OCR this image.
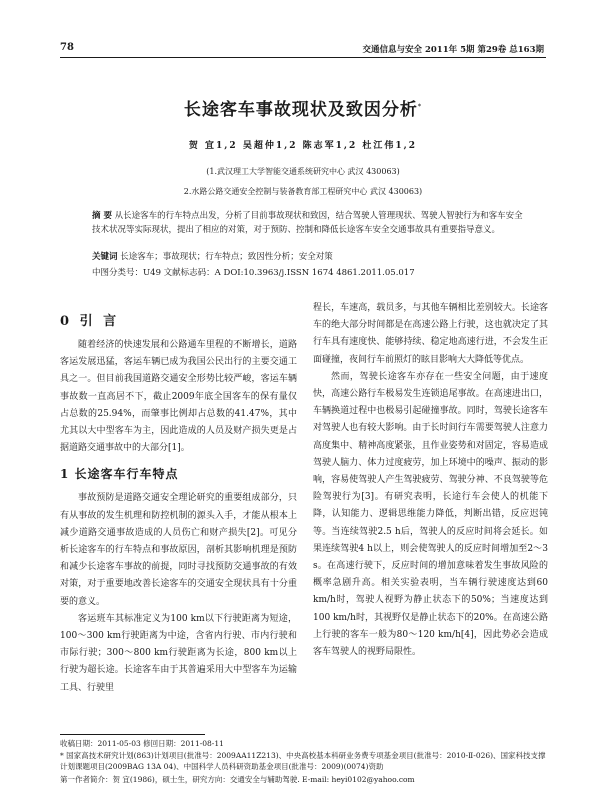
78	交通信息与安全 2011年 5期 第29卷 总163期
长途客车事故现状及致因分析*
贺 宜1,2 吴超仲1,2 陈志军1,2 杜江伟1,2
(1.武汉理工大学智能交通系统研究中心 武汉 430063)
2.水路公路交通安全控制与装备教育部工程研究中心 武汉 430063)
摘 要 从长途客车的行车特点出发，分析了目前事故现状和致因，结合驾驶人管理现状、驾驶人智驶行为和客车安全技术状况等实际现状，提出了相应的对策，对于预防、控制和降低长途客车安全交通事故具有重要指导意义。
关键词 长途客车；事故现状；行车特点；致因性分析；安全对策
中图分类号：U49 文献标志码：A DOI:10.3963/j.ISSN 1674 4861.2011.05.017
0 引 言

随着经济的快速发展和公路通车里程的不断增长，道路客运发展迅猛，客运车辆已成为我国公民出行的主要交通工具之一。但目前我国道路交通安全形势比较严峻，客运车辆事故数一直高居不下，截止2009年底全国客车的保有量仅占总数的25.94%，而肇事比例却占总数的41.47%，其中尤其以大中型客车为主，因此造成的人员及财产损失更是占据道路交通事故中的大部分[1]。

1 长途客车行车特点

事故预防是道路交通安全理论研究的重要组成部分，只有从事故的发生机理和防控机制的源头入手，才能从根本上减少道路交通事故造成的人员伤亡和财产损失[2]。可见分析长途客车的行车特点和事故原因，剖析其影响机理是预防和减少长途客车事故的前提，同时寻找预防交通事故的有效对策，对于重要地改善长途客车的交通安全现状具有十分重要的意义。

客运班车其标准定义为100 km以下行驶距离为短途，100～300 km行驶距离为中途，含省内行驶、市内行驶和市际行驶；300～800 km行驶距离为长途，800 km以上行驶为超长途。长途客车由于其普遍采用大中型客车为运输工具、行驶里

程长，车速高，载员多，与其他车辆相比差别较大。长途客车的绝大部分时间都是在高速公路上行驶，这也就决定了其行车具有速度快、能够持续、稳定地高速行进，不会发生正面碰撞，夜间行车前照灯的眩目影响大大降低等优点。

然而，驾驶长途客车亦存在一些安全问题，由于速度快，高速公路行车极易发生连锁追尾事故。在高速进出口，车辆换道过程中也极易引起碰撞事故。同时，驾驶长途客车对驾驶人也有较大影响。由于长时间行车需要驾驶人注意力高度集中、精神高度紧张，且作业姿势和对固定，容易造成驾驶人脑力、体力过度疲劳，加上环境中的噪声、振动的影响，容易使驾驶人产生驾驶疲劳、驾驶分神、不良驾驶等危险驾驶行为[3]。有研究表明，长途行车会使人的机能下降，认知能力、逻辑思维能力降低，判断出错，反应迟钝等。当连续驾驶2.5 h后，驾驶人的反应时间将会延长。如果连续驾驶4 h以上，则会使驾驶人的反应时间增加至2～3 s。在高速行驶下，反应时间的增加意味着发生事故风险的概率急剧升高。相关实验表明，当车辆行驶速度达到60 km/h时，驾驶人视野为静止状态下的50%；当速度达到100 km/h时，其视野仅是静止状态下的20%。在高速公路上行驶的客车一般为80～120 km/h[4]，因此势必会造成客车驾驶人的视野局限性。

收稿日期：2011-05-03 修回日期：2011-08-11
* 国家高技术研究计划(863)计划项目(批准号：2009AA11Z213)、中央高校基本科研业务费专项基金项目(批准号：2010-Ⅱ-026)、国家科技支撑计划课题项目(2009BAG 13A 04)、中国科学人员科研资助基金项目(批准号：2009)(0074)资助
第一作者简介：贺 宜(1986)，硕士生，研究方向：交通安全与辅助驾驶. E-mail: heyi0102@yahoo.com
